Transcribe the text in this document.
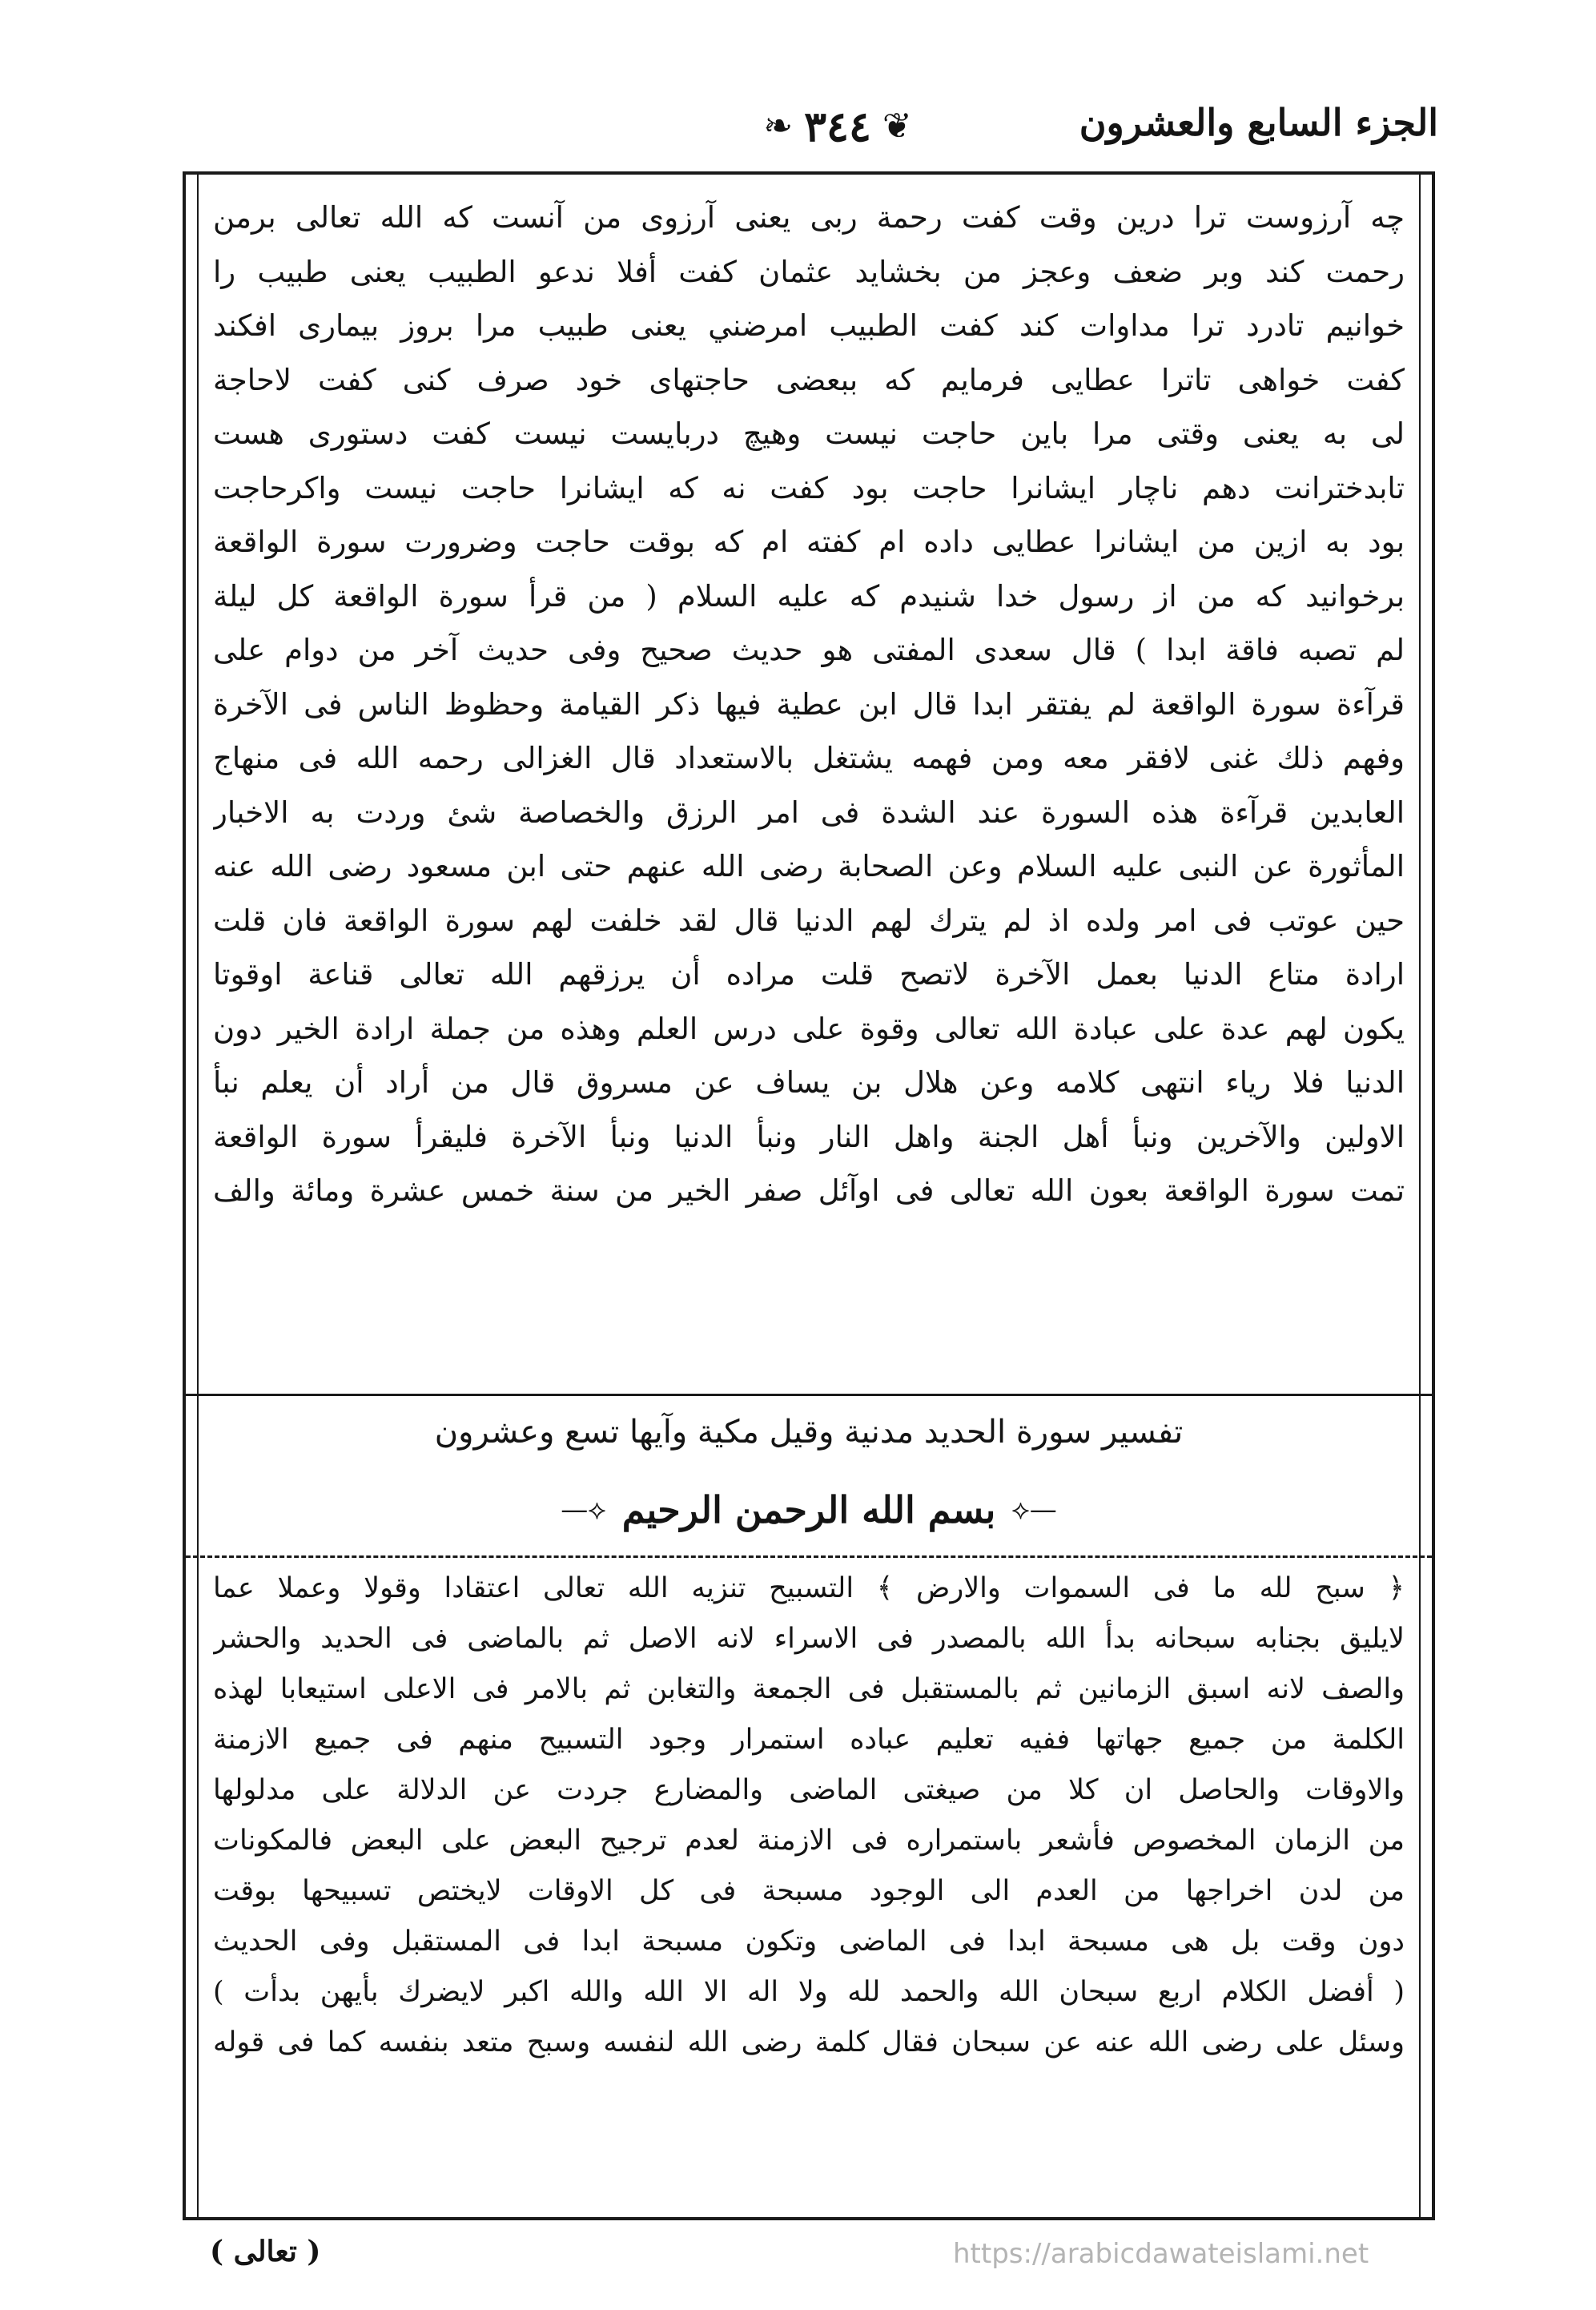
الجزء السابع والعشرون
❦
٣٤٤
❧
چه آرزوست ترا درین وقت کفت رحمة ربی یعنی آرزوی من آنست که الله تعالى برمن
رحمت کند وبر ضعف وعجز من بخشاید عثمان کفت أفلا ندعو الطبيب يعنى طبيب را
خوانیم تادرد ترا مداوات کند کفت الطبيب امرضني يعنى طبيب مرا بروز بيمارى افكند
كفت خواهى تاترا عطايى فرمايم كه ببعضى حاجتهاى خود صرف كنى كفت لاحاجة
لى به يعنى وقتى مرا باين حاجت نيست وهيچ دربايست نيست كفت دستورى هست
تابدخترانت دهم ناچار ايشانرا حاجت بود كفت نه كه ايشانرا حاجت نيست واكرحاجت
بود به ازين من ايشانرا عطايى داده ام كفته ام كه بوقت حاجت وضرورت سورة الواقعة
برخوانيد كه من از رسول خدا شنيدم كه عليه السلام ( من قرأ سورة الواقعة كل ليلة
لم تصبه فاقة ابدا ) قال سعدى المفتى هو حديث صحيح وفى حديث آخر من دوام على
قرآءة سورة الواقعة لم يفتقر ابدا قال ابن عطية فيها ذكر القيامة وحظوظ الناس فى الآخرة
وفهم ذلك غنى لافقر معه ومن فهمه يشتغل بالاستعداد قال الغزالى رحمه الله فى منهاج
العابدين قرآءة هذه السورة عند الشدة فى امر الرزق والخصاصة شئ وردت به الاخبار
المأثورة عن النبى عليه السلام وعن الصحابة رضى الله عنهم حتى ابن مسعود رضى الله عنه
حين عوتب فى امر ولده اذ لم يترك لهم الدنيا قال لقد خلفت لهم سورة الواقعة فان قلت
ارادة متاع الدنيا بعمل الآخرة لاتصح قلت مراده أن يرزقهم الله تعالى قناعة اوقوتا
يكون لهم عدة على عبادة الله تعالى وقوة على درس العلم وهذه من جملة ارادة الخير دون
الدنيا فلا رياء انتهى كلامه وعن هلال بن يساف عن مسروق قال من أراد أن يعلم نبأ
الاولين والآخرين ونبأ أهل الجنة واهل النار ونبأ الدنيا ونبأ الآخرة فليقرأ سورة الواقعة
تمت سورة الواقعة بعون الله تعالى فى اوآئل صفر الخير من سنة خمس عشرة ومائة والف
تفسير سورة الحديد مدنية وقيل مكية وآيها تسع وعشرون
—⟡
بسم الله الرحمن الرحيم
⟡—
﴿ سبح لله ما فى السموات والارض ﴾ التسبيح تنزيه الله تعالى اعتقادا وقولا وعملا عما
لايليق بجنابه سبحانه بدأ الله بالمصدر فى الاسراء لانه الاصل ثم بالماضى فى الحديد والحشر
والصف لانه اسبق الزمانين ثم بالمستقبل فى الجمعة والتغابن ثم بالامر فى الاعلى استيعابا لهذه
الكلمة من جميع جهاتها ففيه تعليم عباده استمرار وجود التسبيح منهم فى جميع الازمنة
والاوقات والحاصل ان كلا من صيغتى الماضى والمضارع جردت عن الدلالة على مدلولها
من الزمان المخصوص فأشعر باستمراره فى الازمنة لعدم ترجيح البعض على البعض فالمكونات
من لدن اخراجها من العدم الى الوجود مسبحة فى كل الاوقات لايختص تسبيحها بوقت
دون وقت بل هى مسبحة ابدا فى الماضى وتكون مسبحة ابدا فى المستقبل وفى الحديث
( أفضل الكلام اربع سبحان الله والحمد لله ولا اله الا الله والله اكبر لايضرك بأيهن بدأت )
وسئل على رضى الله عنه عن سبحان فقال كلمة رضى الله لنفسه وسبح متعد بنفسه كما فى قوله
( تعالى )	https://arabicdawateislami.net
